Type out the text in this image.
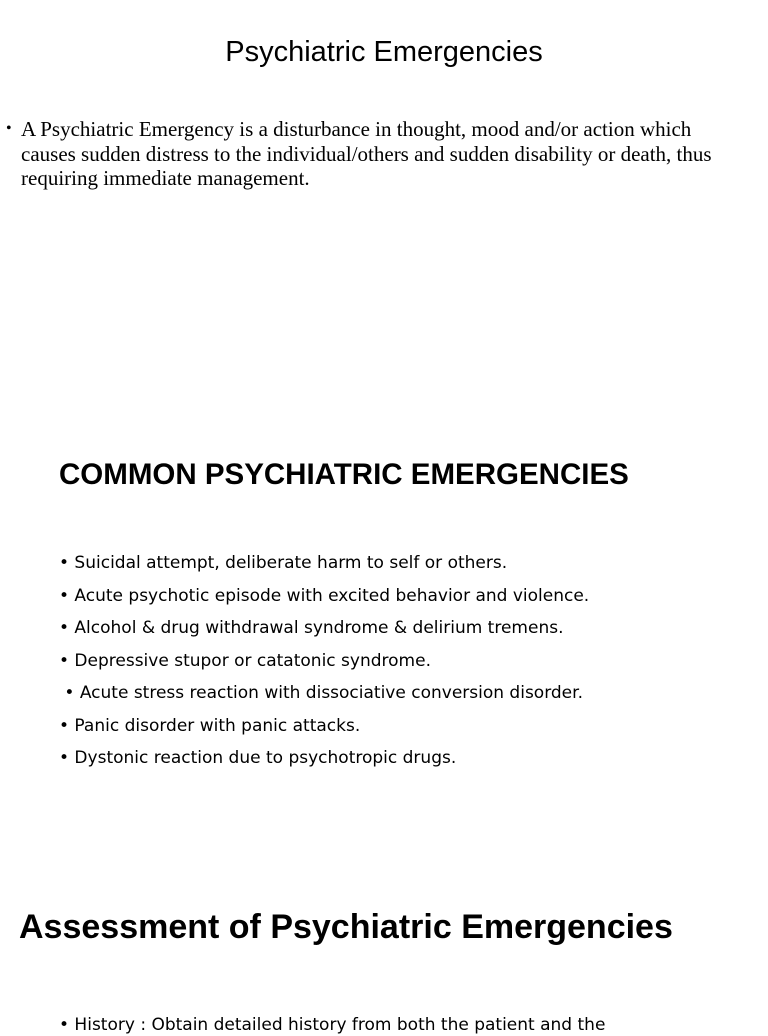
Psychiatric Emergencies
• A Psychiatric Emergency is a disturbance in thought, mood and/or action which causes sudden distress to the individual/others and sudden disability or death, thus requiring immediate management.
COMMON PSYCHIATRIC EMERGENCIES
• Suicidal attempt, deliberate harm to self or others.
• Acute psychotic episode with excited behavior and violence.
• Alcohol & drug withdrawal syndrome & delirium tremens.
• Depressive stupor or catatonic syndrome.
• Acute stress reaction with dissociative conversion disorder.
• Panic disorder with panic attacks.
• Dystonic reaction due to psychotropic drugs.
Assessment of Psychiatric Emergencies
• History : Obtain detailed history from both the patient and the
